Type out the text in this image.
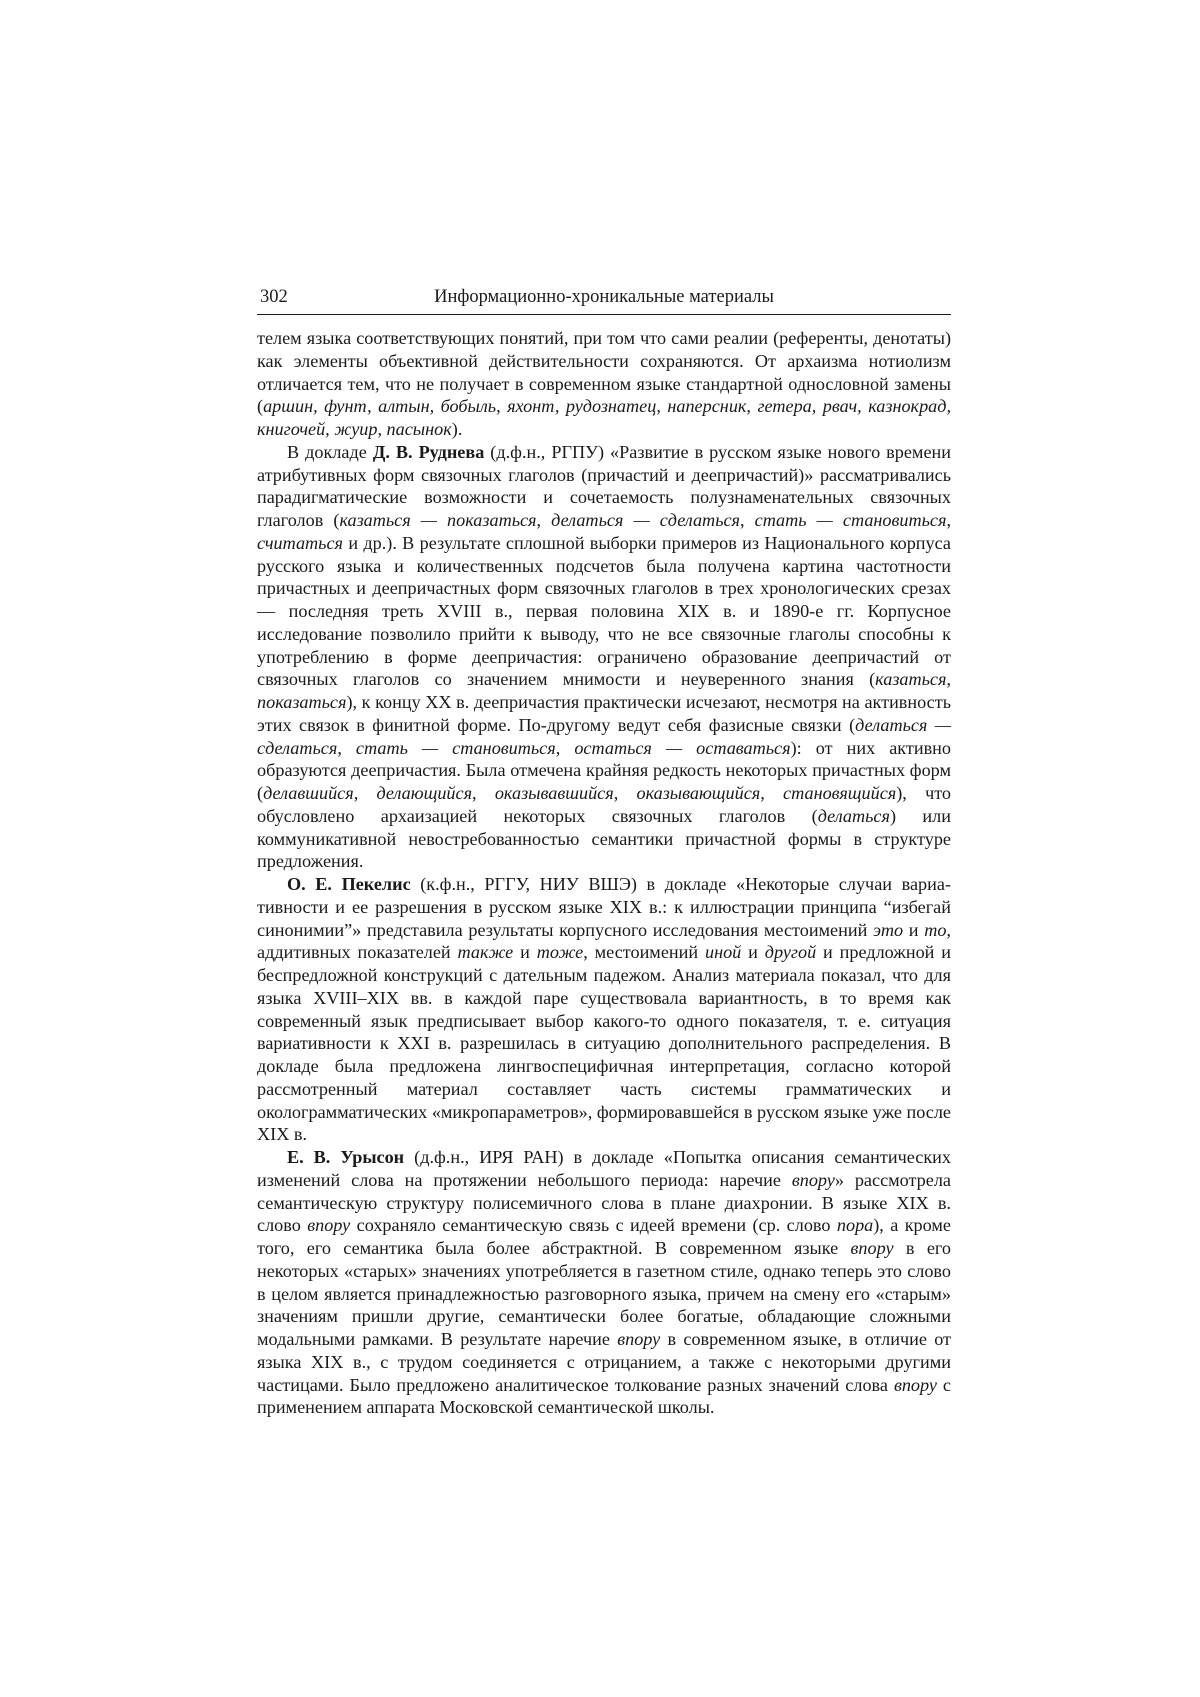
302	Информационно-хроникальные материалы

телем языка соответствующих понятий, при том что сами реалии (референты, денотаты) как элементы объективной действительности сохраняются. От архаизма нотиолизм отличается тем, что не получает в современном языке стандартной однословной замены (аршин, фунт, алтын, бобыль, яхонт, рудознатец, наперсник, гетера, рвач, казнокрад, книгочей, жуир, пасынок).

В докладе Д. В. Руднева (д.ф.н., РГПУ) «Развитие в русском языке нового времени атрибутивных форм связочных глаголов (причастий и деепричастий)» рассматривались парадигматические возможности и сочетаемость полузнаменательных связочных глаголов (казаться — показаться, делаться — сделаться, стать — становиться, считаться и др.). В результате сплошной выборки примеров из Национального корпуса русского языка и количественных подсчетов была получена картина частотности причастных и деепричастных форм связочных глаголов в трех хронологических срезах — последняя треть XVIII в., первая половина XIX в. и 1890-е гг. Корпусное исследование позволило прийти к выводу, что не все связочные глаголы способны к употреблению в форме деепричастия: ограничено образование деепричастий от связочных глаголов со значением мнимости и неуверенного знания (казаться, показаться), к концу XX в. деепричастия практически исчезают, несмотря на активность этих связок в финитной форме. По-другому ведут себя фазисные связки (делаться — сделаться, стать — становиться, остаться — оставаться): от них активно образуются деепричастия. Была отмечена крайняя редкость некоторых причастных форм (делавшийся, делающийся, оказывавшийся, оказывающийся, становящийся), что обусловлено архаизацией некоторых связочных глаголов (делаться) или коммуникативной невостребованностью семантики причастной формы в структуре предложения.

О. Е. Пекелис (к.ф.н., РГГУ, НИУ ВШЭ) в докладе «Некоторые случаи вариативности и ее разрешения в русском языке XIX в.: к иллюстрации принципа “избегай синонимии”» представила результаты корпусного исследования местоимений это и то, аддитивных показателей также и тоже, местоимений иной и другой и предложной и беспредложной конструкций с дательным падежом. Анализ материала показал, что для языка XVIII–XIX вв. в каждой паре существовала вариантность, в то время как современный язык предписывает выбор какого-то одного показателя, т. е. ситуация вариативности к XXI в. разрешилась в ситуацию дополнительного распределения. В докладе была предложена лингвоспецифичная интерпретация, согласно которой рассмотренный материал составляет часть системы грамматических и околограмматических «микропараметров», формировавшейся в русском языке уже после XIX в.

Е. В. Урысон (д.ф.н., ИРЯ РАН) в докладе «Попытка описания семантических изменений слова на протяжении небольшого периода: наречие впору» рассмотрела семантическую структуру полисемичного слова в плане диахронии. В языке XIX в. слово впору сохраняло семантическую связь с идеей времени (ср. слово пора), а кроме того, его семантика была более абстрактной. В современном языке впору в его некоторых «старых» значениях употребляется в газетном стиле, однако теперь это слово в целом является принадлежностью разговорного языка, причем на смену его «старым» значениям пришли другие, семантически более богатые, обладающие сложными модальными рамками. В результате наречие впору в современном языке, в отличие от языка XIX в., с трудом соединяется с отрицанием, а также с некоторыми другими частицами. Было предложено аналитическое толкование разных значений слова впору с применением аппарата Московской семантической школы.
